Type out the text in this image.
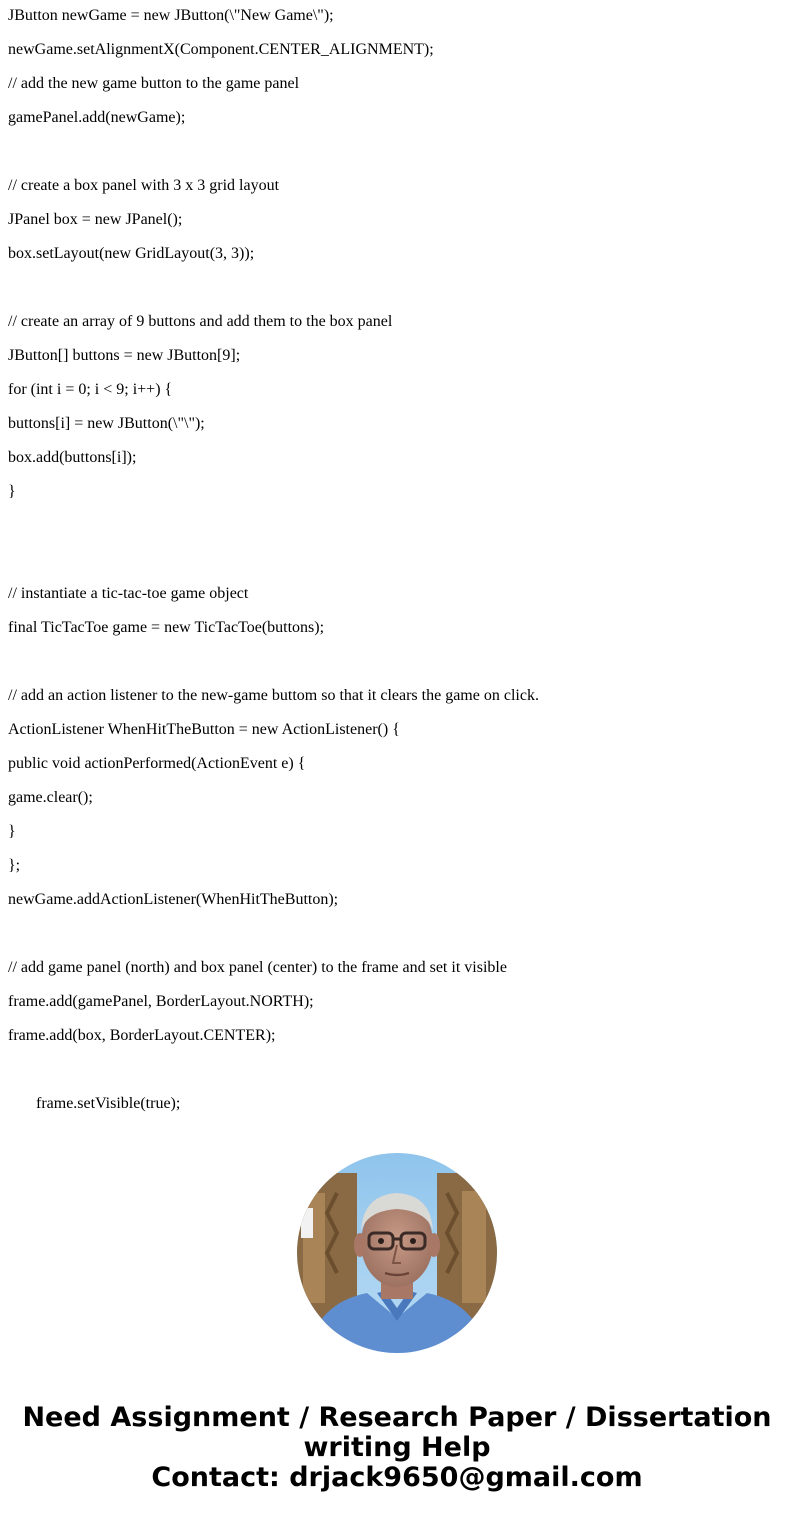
JButton newGame = new JButton(\"New Game\");
newGame.setAlignmentX(Component.CENTER_ALIGNMENT);
// add the new game button to the game panel
gamePanel.add(newGame);
// create a box panel with 3 x 3 grid layout
JPanel box = new JPanel();
box.setLayout(new GridLayout(3, 3));
// create an array of 9 buttons and add them to the box panel
JButton[] buttons = new JButton[9];
for (int i = 0; i < 9; i++) {
buttons[i] = new JButton(\"\");
box.add(buttons[i]);
}
// instantiate a tic-tac-toe game object
final TicTacToe game = new TicTacToe(buttons);
// add an action listener to the new-game buttom so that it clears the game on click.
ActionListener WhenHitTheButton = new ActionListener() {
public void actionPerformed(ActionEvent e) {
game.clear();
}
};
newGame.addActionListener(WhenHitTheButton);
// add game panel (north) and box panel (center) to the frame and set it visible
frame.add(gamePanel, BorderLayout.NORTH);
frame.add(box, BorderLayout.CENTER);
frame.setVisible(true);
Need Assignment / Research Paper / Dissertation
writing Help
Contact: drjack9650@gmail.com
